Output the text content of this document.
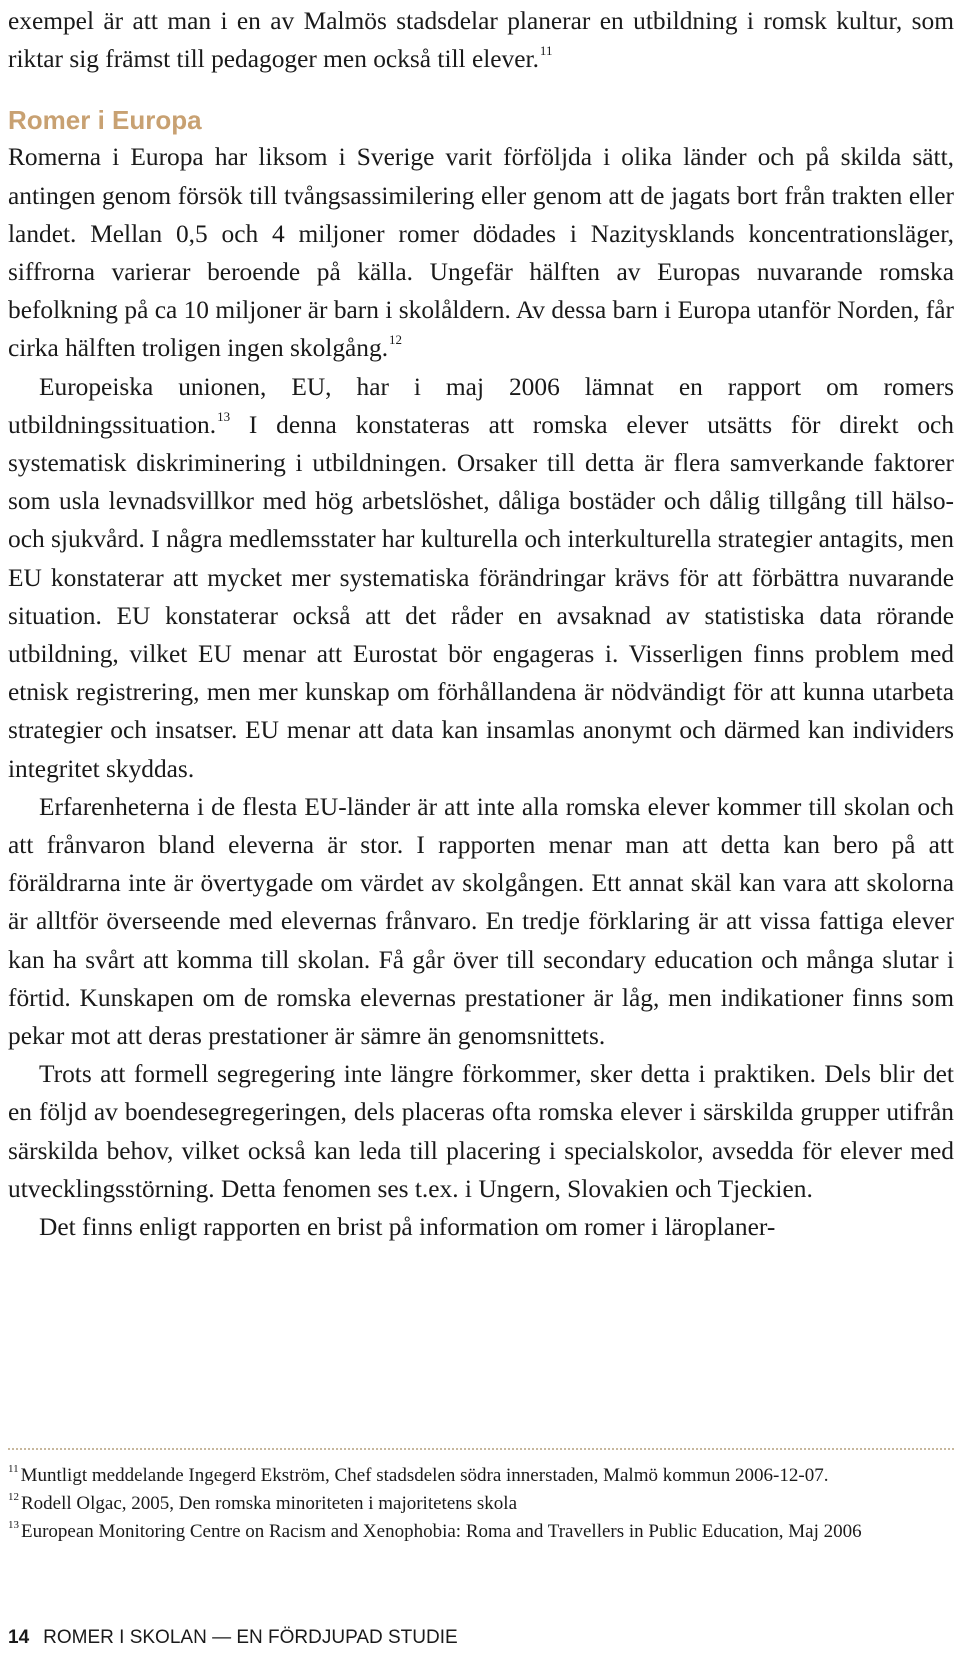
exempel är att man i en av Malmös stadsdelar planerar en utbildning i romsk kultur, som riktar sig främst till pedagoger men också till elever.$^{11}$

Romer i Europa

Romerna i Europa har liksom i Sverige varit förföljda i olika länder och på skilda sätt, antingen genom försök till tvångsassimilering eller genom att de jagats bort från trakten eller landet. Mellan 0,5 och 4 miljoner romer dödades i Nazitysklands koncentrationsläger, siffrorna varierar beroende på källa. Ungefär hälften av Europas nuvarande romska befolkning på ca 10 miljoner är barn i skolåldern. Av dessa barn i Europa utanför Norden, får cirka hälften troligen ingen skolgång.$^{12}$

Europeiska unionen, EU, har i maj 2006 lämnat en rapport om romers utbildningssituation.$^{13}$ I denna konstateras att romska elever utsätts för direkt och systematisk diskriminering i utbildningen. Orsaker till detta är flera samverkande faktorer som usla levnadsvillkor med hög arbetslöshet, dåliga bostäder och dålig tillgång till hälso- och sjukvård. I några medlemsstater har kulturella och interkulturella strategier antagits, men EU konstaterar att mycket mer systematiska förändringar krävs för att förbättra nuvarande situation. EU konstaterar också att det råder en avsaknad av statistiska data rörande utbildning, vilket EU menar att Eurostat bör engageras i. Visserligen finns problem med etnisk registrering, men mer kunskap om förhållandena är nödvändigt för att kunna utarbeta strategier och insatser. EU menar att data kan insamlas anonymt och därmed kan individers integritet skyddas.

Erfarenheterna i de flesta EU-länder är att inte alla romska elever kommer till skolan och att frånvaron bland eleverna är stor. I rapporten menar man att detta kan bero på att föräldrarna inte är övertygade om värdet av skolgången. Ett annat skäl kan vara att skolorna är alltför överseende med elevernas frånvaro. En tredje förklaring är att vissa fattiga elever kan ha svårt att komma till skolan. Få går över till secondary education och många slutar i förtid. Kunskapen om de romska elevernas prestationer är låg, men indikationer finns som pekar mot att deras prestationer är sämre än genomsnittets.

Trots att formell segregering inte längre förkommer, sker detta i praktiken. Dels blir det en följd av boendesegregeringen, dels placeras ofta romska elever i särskilda grupper utifrån särskilda behov, vilket också kan leda till placering i specialskolor, avsedda för elever med utvecklingsstörning. Detta fenomen ses t.ex. i Ungern, Slovakien och Tjeckien.

Det finns enligt rapporten en brist på information om romer i läroplaner-

$^{11}$ Muntligt meddelande Ingegerd Ekström, Chef stadsdelen södra innerstaden, Malmö kommun 2006-12-07.

$^{12}$ Rodell Olgac, 2005, Den romska minoriteten i majoritetens skola

$^{13}$ European Monitoring Centre on Racism and Xenophobia: Roma and Travellers in Public Education, Maj 2006

14 ROMER I SKOLAN — EN FÖRDJUPAD STUDIE
